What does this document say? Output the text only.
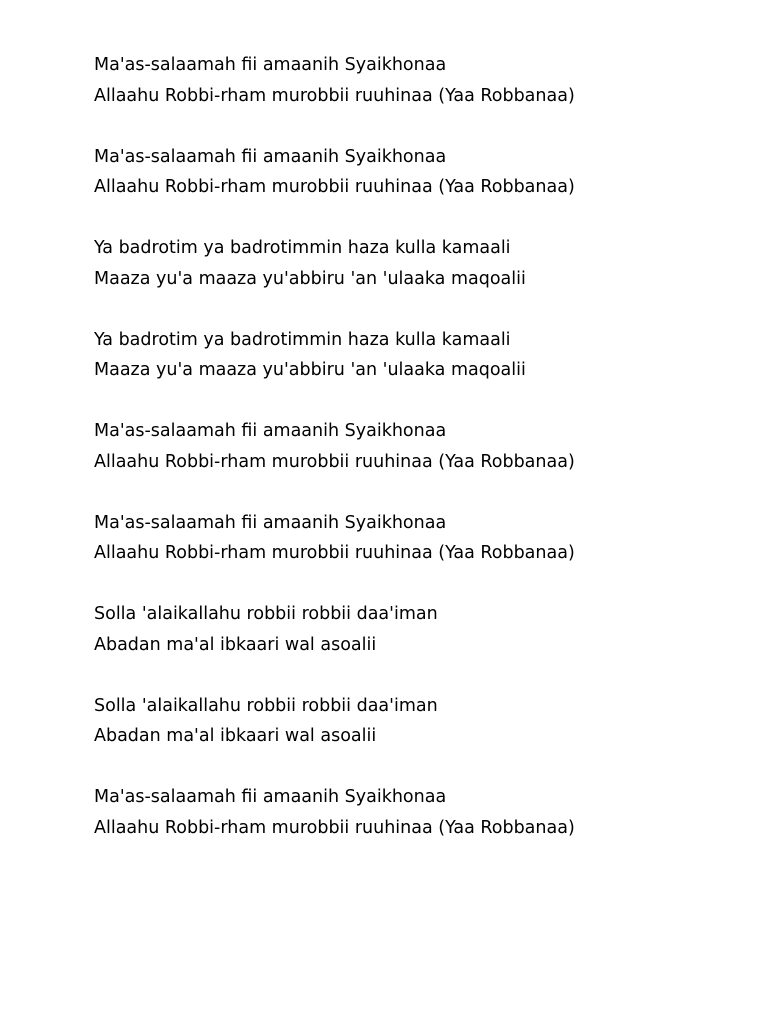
Ma'as-salaamah fii amaanih Syaikhonaa
Allaahu Robbi-rham murobbii ruuhinaa (Yaa Robbanaa)
Ma'as-salaamah fii amaanih Syaikhonaa
Allaahu Robbi-rham murobbii ruuhinaa (Yaa Robbanaa)
Ya badrotim ya badrotimmin haza kulla kamaali
Maaza yu'a maaza yu'abbiru 'an 'ulaaka maqoalii
Ya badrotim ya badrotimmin haza kulla kamaali
Maaza yu'a maaza yu'abbiru 'an 'ulaaka maqoalii
Ma'as-salaamah fii amaanih Syaikhonaa
Allaahu Robbi-rham murobbii ruuhinaa (Yaa Robbanaa)
Ma'as-salaamah fii amaanih Syaikhonaa
Allaahu Robbi-rham murobbii ruuhinaa (Yaa Robbanaa)
Solla 'alaikallahu robbii robbii daa'iman
Abadan ma'al ibkaari wal asoalii
Solla 'alaikallahu robbii robbii daa'iman
Abadan ma'al ibkaari wal asoalii
Ma'as-salaamah fii amaanih Syaikhonaa
Allaahu Robbi-rham murobbii ruuhinaa (Yaa Robbanaa)
